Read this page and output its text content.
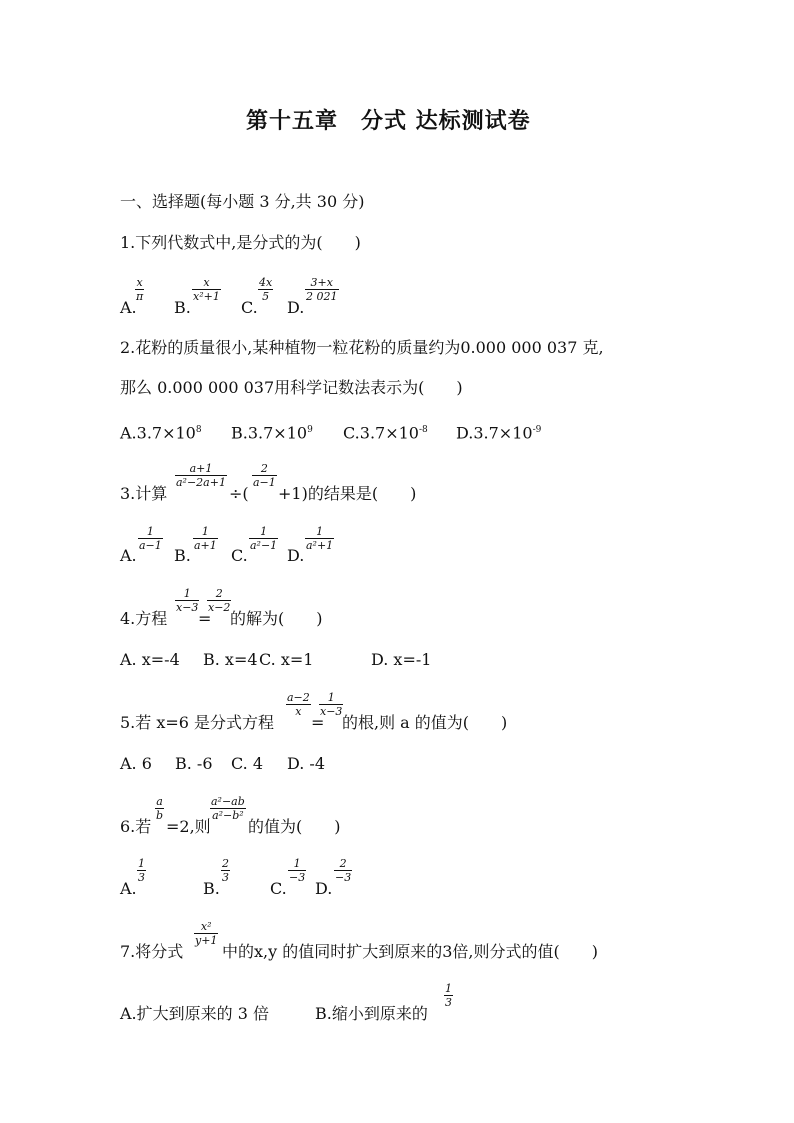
第十五章　分式 达标测试卷
一、选择题(每小题 3 分,共 30 分)
1.下列代数式中,是分式的为(　　)
A.
x
π
B.
x
x²+1
C.
4x
5
D.
3+x
2 021
2.花粉的质量很小,某种植物一粒花粉的质量约为0.000 000 037 克,
那么 0.000 000 037用科学记数法表示为(　　)
$A.3.7\times 10^8$ $B.3.7\times 10^9$ $C.3.7\times 10^{-8}$ $D.3.7\times 10^{-9}$
3.计算
a+1
a²−2a+1
÷(
2
a−1
+1)的结果是(　　)
A.
1
a−1
B.
1
a+1
C.
1
a²−1
D.
1
a²+1
4.方程
1
x−3
=
2
x−2
的解为(　　)
A. x=-4 B. x=4 C. x=1	D. x=-1
5.若 x=6 是分式方程
a−2
x
=
1
x−3
的根,则 a 的值为(　　)
A. 6 B. -6 C. 4 D. -4
6.若
a
b
=2,则
a²−ab
a²−b²
的值为(　　)
A.
1
3
B.
2
3
C.
1
−3
D.
2
−3
7.将分式
x²
y+1
中的x,y 的值同时扩大到原来的3倍,则分式的值(　　)
A.扩大到原来的 3 倍	B.缩小到原来的
1
3
